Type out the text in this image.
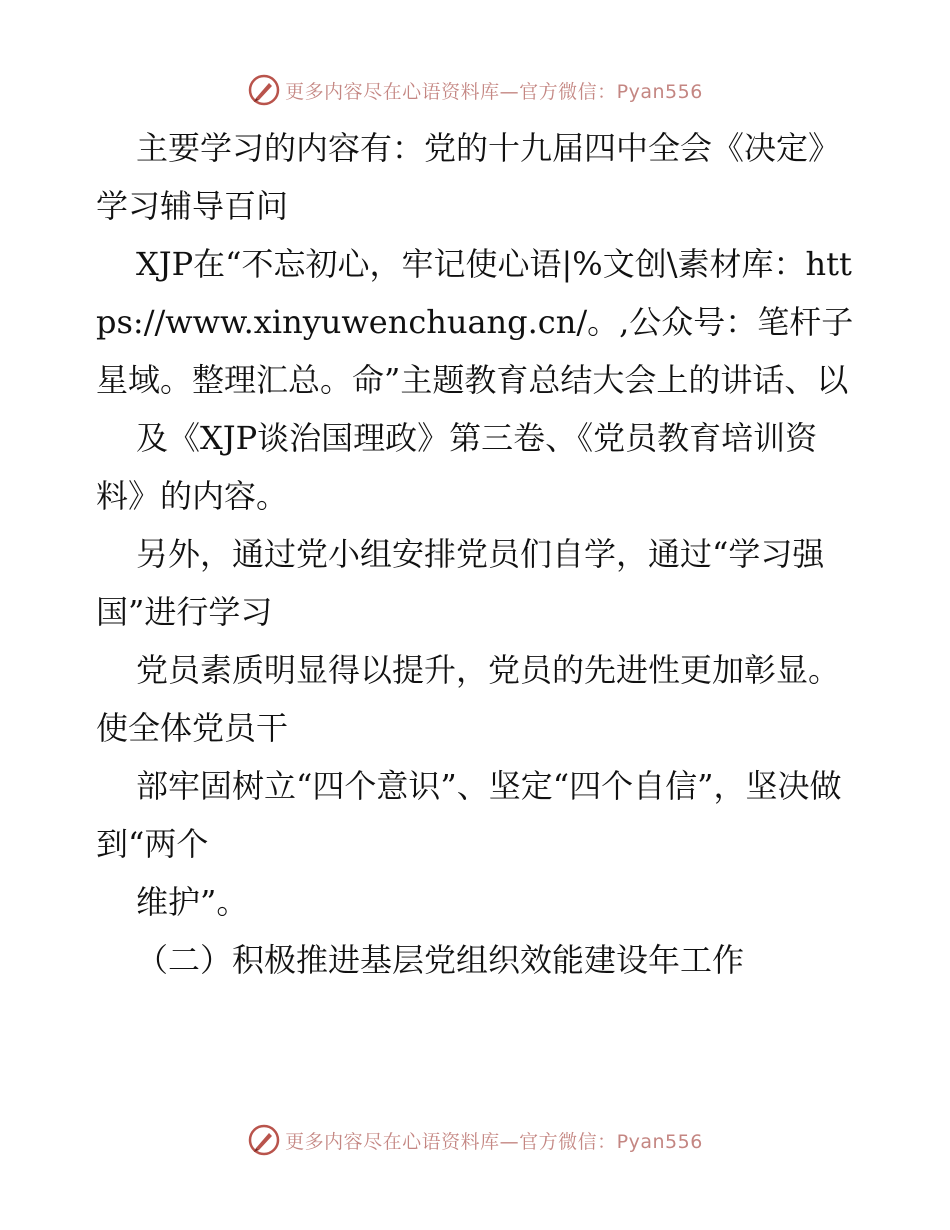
更多内容尽在心语资料库—官方微信：Pyan556

主要学习的内容有：党的十九届四中全会《决定》学习辅导百问

XJP在“不忘初心，牢记使心语|%文创\素材库：https://www.xinyuwenchuang.cn/。,公众号：笔杆子星域。整理汇总。命”主题教育总结大会上的讲话、以

及《XJP谈治国理政》第三卷、《党员教育培训资料》的内容。

另外，通过党小组安排党员们自学，通过“学习强国”进行学习

党员素质明显得以提升，党员的先进性更加彰显。使全体党员干

部牢固树立“四个意识”、坚定“四个自信”，坚决做到“两个

维护”。

（二）积极推进基层党组织效能建设年工作

更多内容尽在心语资料库—官方微信：Pyan556
